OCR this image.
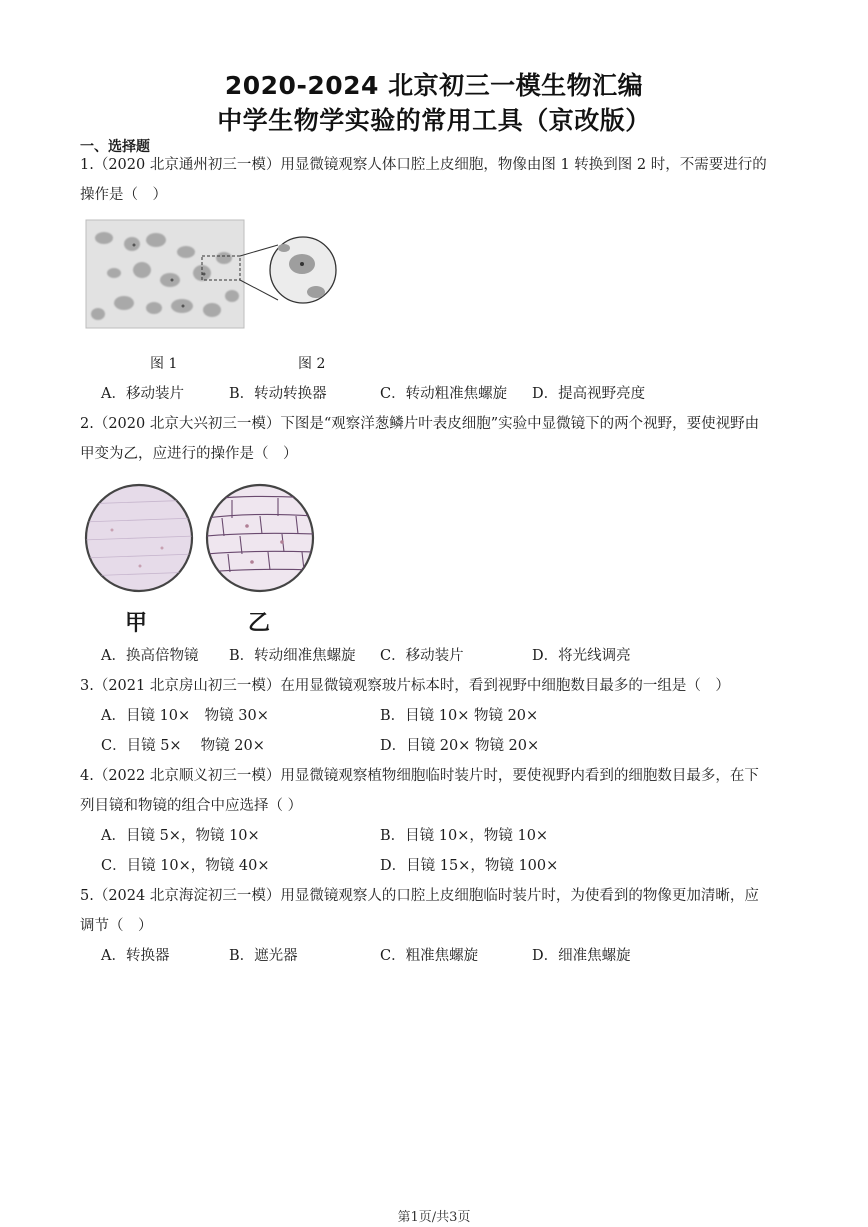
2020-2024 北京初三一模生物汇编
中学生物学实验的常用工具（京改版）
一、选择题
1.（2020 北京通州初三一模）用显微镜观察人体口腔上皮细胞，物像由图 1 转换到图 2 时，不需要进行的
操作是（　）
图 1	图 2
A．移动装片	B．转动转换器	C．转动粗准焦螺旋 D．提高视野亮度
2.（2020 北京大兴初三一模）下图是“观察洋葱鳞片叶表皮细胞”实验中显微镜下的两个视野，要使视野由
甲变为乙，应进行的操作是（　）
甲	乙
A．换高倍物镜 B．转动细准焦螺旋 C．移动装片	D．将光线调亮
3.（2021 北京房山初三一模）在用显微镜观察玻片标本时，看到视野中细胞数目最多的一组是（　）
A．目镜 10×　物镜 30×	B．目镜 10× 物镜 20×
C．目镜 5×　 物镜 20×	D．目镜 20× 物镜 20×
4.（2022 北京顺义初三一模）用显微镜观察植物细胞临时装片时，要使视野内看到的细胞数目最多，在下
列目镜和物镜的组合中应选择（ ）
A．目镜 5×，物镜 10×	B．目镜 10×，物镜 10×
C．目镜 10×，物镜 40×	D．目镜 15×，物镜 100×
5.（2024 北京海淀初三一模）用显微镜观察人的口腔上皮细胞临时装片时，为使看到的物像更加清晰，应
调节（　）
A．转换器	B．遮光器	C．粗准焦螺旋	D．细准焦螺旋
第1页/共3页
